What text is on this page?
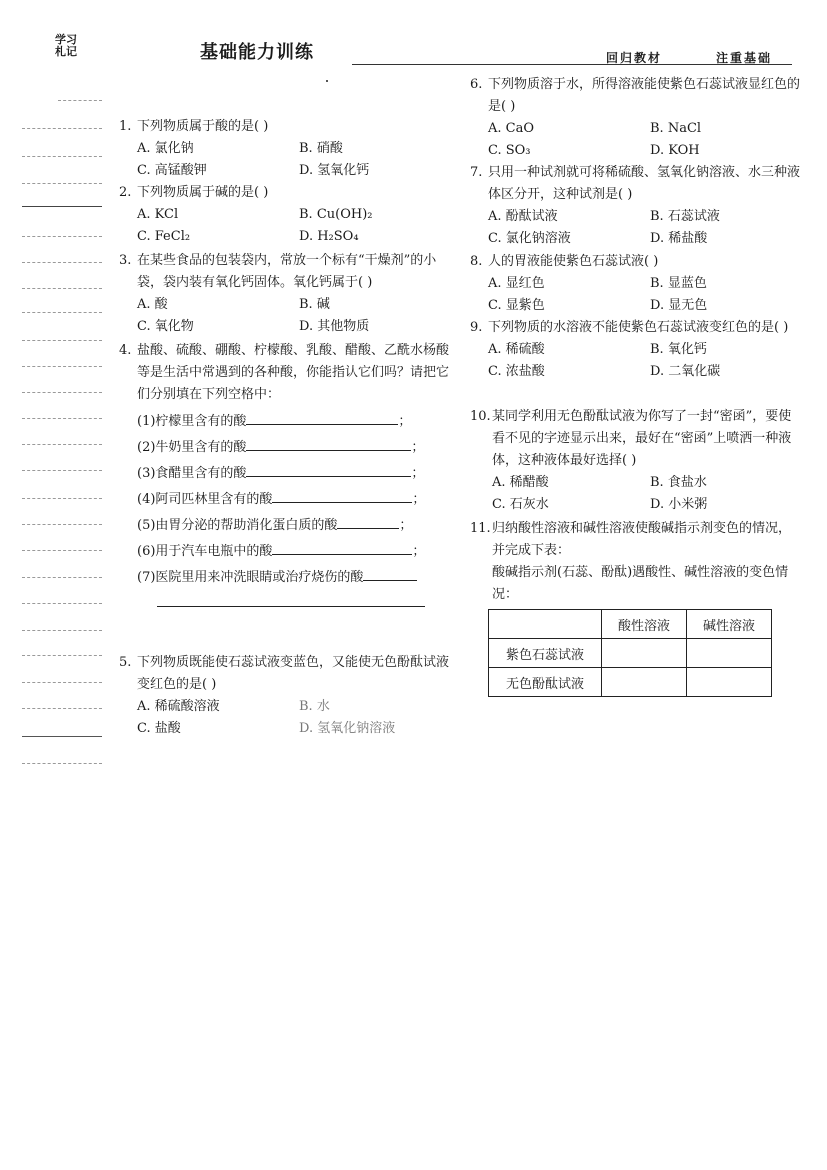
学习
札记	基础能力训练	回归教材	注重基础
1. 下列物质属于酸的是( )
A. 氯化钠	B. 硝酸
C. 高锰酸钾	D. 氢氧化钙
2. 下列物质属于碱的是( )
A. KCl	B. Cu(OH)₂
C. FeCl₂	D. H₂SO₄
3. 在某些食品的包装袋内，常放一个标有“干燥剂”的小袋，袋内装有氧化钙固体。氧化钙属于( )
A. 酸	B. 碱
C. 氧化物	D. 其他物质
4. 盐酸、硫酸、硼酸、柠檬酸、乳酸、醋酸、乙酰水杨酸等是生活中常遇到的各种酸，你能指认它们吗？请把它们分别填在下列空格中：
(1)柠檬里含有的酸	；
(2)牛奶里含有的酸	；
(3)食醋里含有的酸	；
(4)阿司匹林里含有的酸	；
(5)由胃分泌的帮助消化蛋白质的酸	；
(6)用于汽车电瓶中的酸	；
(7)医院里用来冲洗眼睛或治疗烧伤的酸
5. 下列物质既能使石蕊试液变蓝色，又能使无色酚酞试液变红色的是( )
A. 稀硫酸溶液	B. 水
C. 盐酸	D. 氢氧化钠溶液
6. 下列物质溶于水，所得溶液能使紫色石蕊试液显红色的是( )
A. CaO	B. NaCl
C. SO₃	D. KOH
7. 只用一种试剂就可将稀硫酸、氢氧化钠溶液、水三种液体区分开，这种试剂是( )
A. 酚酞试液	B. 石蕊试液
C. 氯化钠溶液	D. 稀盐酸
8. 人的胃液能使紫色石蕊试液( )
A. 显红色	B. 显蓝色
C. 显紫色	D. 显无色
9. 下列物质的水溶液不能使紫色石蕊试液变红色的是( )
A. 稀硫酸	B. 氧化钙
C. 浓盐酸	D. 二氧化碳
10. 某同学利用无色酚酞试液为你写了一封“密函”，要使看不见的字迹显示出来，最好在“密函”上喷洒一种液体，这种液体最好选择( )
A. 稀醋酸	B. 食盐水
C. 石灰水	D. 小米粥
11. 归纳酸性溶液和碱性溶液使酸碱指示剂变色的情况，并完成下表：
酸碱指示剂(石蕊、酚酞)遇酸性、碱性溶液的变色情况：
	酸性溶液	碱性溶液
紫色石蕊试液		
无色酚酞试液		
